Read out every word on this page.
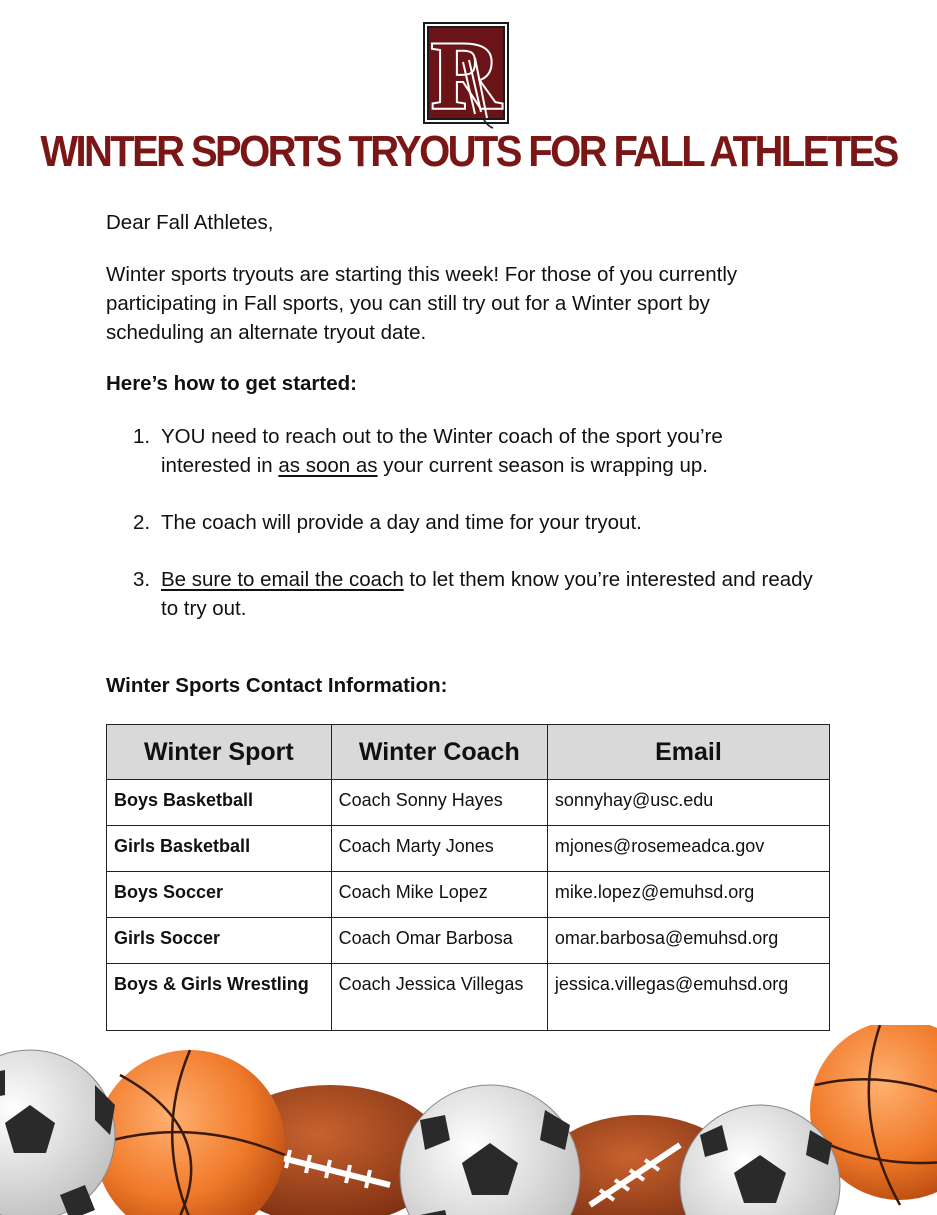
R
WINTER SPORTS TRYOUTS FOR FALL ATHLETES
Dear Fall Athletes,
Winter sports tryouts are starting this week! For those of you currently participating in Fall sports, you can still try out for a Winter sport by scheduling an alternate tryout date.
Here’s how to get started:
1. YOU need to reach out to the Winter coach of the sport you’re interested in as soon as your current season is wrapping up.
2. The coach will provide a day and time for your tryout.
3. Be sure to email the coach to let them know you’re interested and ready to try out.
Winter Sports Contact Information:
Winter Sport	Winter Coach	Email
Boys Basketball	Coach Sonny Hayes	sonnyhay@usc.edu
Girls Basketball	Coach Marty Jones	mjones@rosemeadca.gov
Boys Soccer	Coach Mike Lopez	mike.lopez@emuhsd.org
Girls Soccer	Coach Omar Barbosa	omar.barbosa@emuhsd.org
Boys & Girls Wrestling	Coach Jessica Villegas	jessica.villegas@emuhsd.org
